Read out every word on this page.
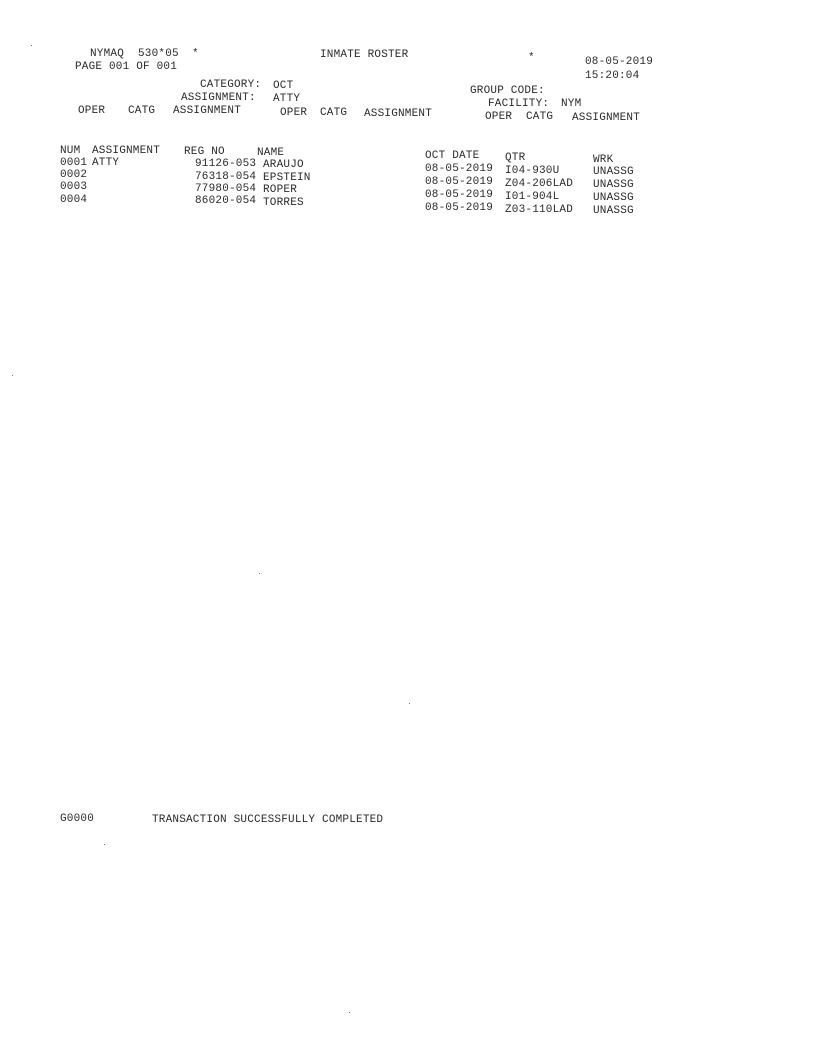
NYMAQ 530*05 *	INMATE ROSTER	*	08-05-2019
PAGE 001 OF 001
15:20:04
CATEGORY: OCT	GROUP CODE:
ASSIGNMENT: ATTY	FACILITY: NYM
OPER CATG ASSIGNMENT	OPER CATG ASSIGNMENT	OPER CATG ASSIGNMENT
NUM ASSIGNMENT REG NO	NAME	OCT DATE QTR	WRK
0001 ATTY	91126-053 ARAUJO	08-05-2019 I04-930U	UNASSG
0002	76318-054 EPSTEIN	08-05-2019 Z04-206LAD UNASSG
0003	77980-054 ROPER	08-05-2019 I01-904L	UNASSG
0004	86020-054 TORRES	08-05-2019 Z03-110LAD UNASSG
G0000	TRANSACTION SUCCESSFULLY COMPLETED
